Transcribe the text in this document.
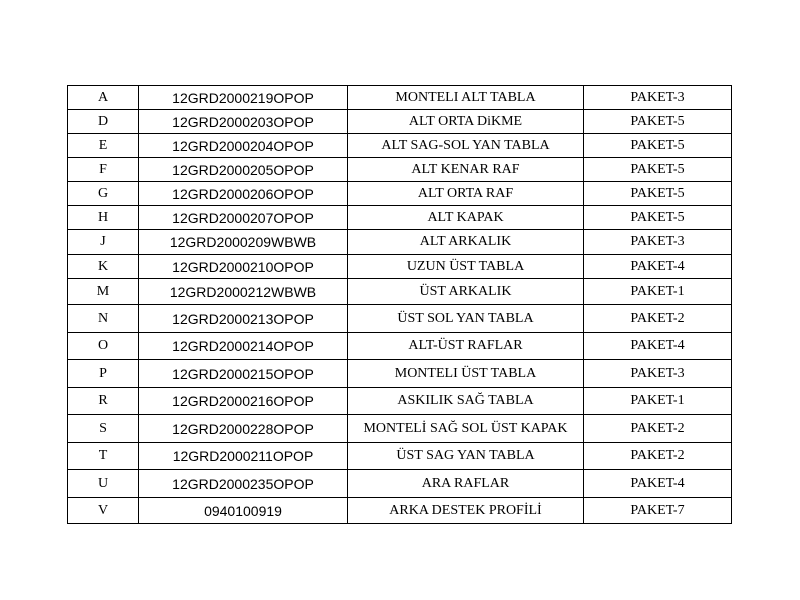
A	12GRD2000219OPOP	MONTELI ALT TABLA	PAKET-3
D	12GRD2000203OPOP	ALT ORTA DiKME	PAKET-5
E	12GRD2000204OPOP	ALT SAG-SOL YAN TABLA	PAKET-5
F	12GRD2000205OPOP	ALT KENAR RAF	PAKET-5
G	12GRD2000206OPOP	ALT ORTA RAF	PAKET-5
H	12GRD2000207OPOP	ALT KAPAK	PAKET-5
J	12GRD2000209WBWB	ALT ARKALIK	PAKET-3
K	12GRD2000210OPOP	UZUN ÜST TABLA	PAKET-4
M	12GRD2000212WBWB	ÜST ARKALIK	PAKET-1
N	12GRD2000213OPOP	ÜST SOL YAN TABLA	PAKET-2
O	12GRD2000214OPOP	ALT-ÜST RAFLAR	PAKET-4
P	12GRD2000215OPOP	MONTELI ÜST TABLA	PAKET-3
R	12GRD2000216OPOP	ASKILIK SAĞ TABLA	PAKET-1
S	12GRD2000228OPOP	MONTELİ SAĞ SOL ÜST KAPAK	PAKET-2
T	12GRD2000211OPOP	ÜST SAG YAN TABLA	PAKET-2
U	12GRD2000235OPOP	ARA RAFLAR	PAKET-4
V	0940100919	ARKA DESTEK PROFİLİ	PAKET-7
